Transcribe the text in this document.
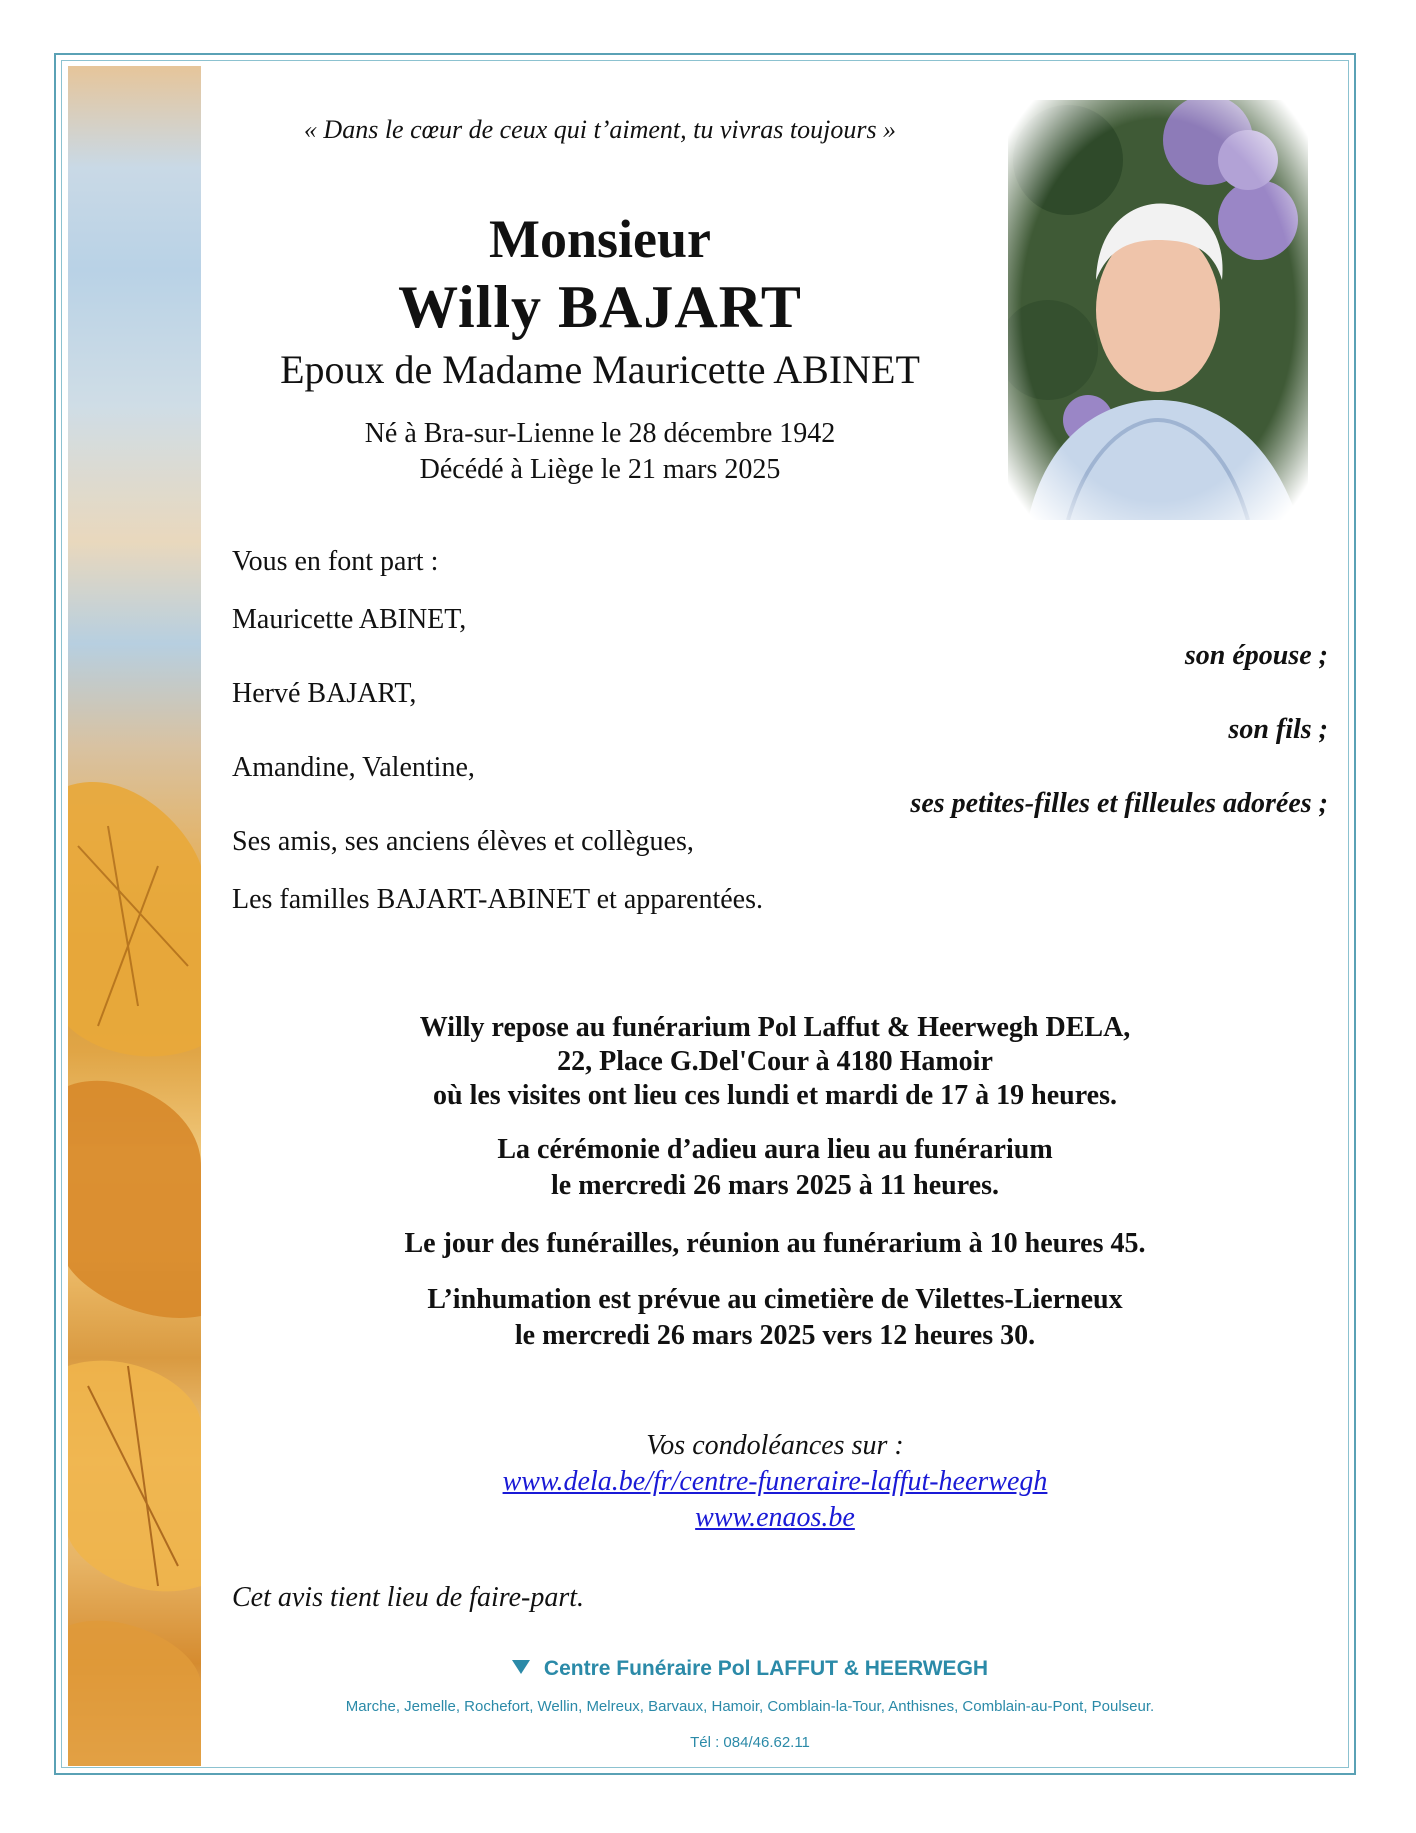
« Dans le cœur de ceux qui t’aiment, tu vivras toujours »
Monsieur
Willy BAJART
Epoux de Madame Mauricette ABINET
Né à Bra-sur-Lienne le 28 décembre 1942
Décédé à Liège le 21 mars 2025
Vous en font part :
Mauricette ABINET,
son épouse ;
Hervé BAJART,
son fils ;
Amandine, Valentine,
ses petites-filles et filleules adorées ;
Ses amis, ses anciens élèves et collègues,
Les familles BAJART-ABINET et apparentées.
Willy repose au funérarium Pol Laffut & Heerwegh DELA,
22, Place G.Del'Cour à 4180 Hamoir
où les visites ont lieu ces lundi et mardi de 17 à 19 heures.
La cérémonie d’adieu aura lieu au funérarium
le mercredi 26 mars 2025 à 11 heures.
Le jour des funérailles, réunion au funérarium à 10 heures 45.
L’inhumation est prévue au cimetière de Vilettes-Lierneux
le mercredi 26 mars 2025 vers 12 heures 30.
Vos condoléances sur :
www.dela.be/fr/centre-funeraire-laffut-heerwegh
www.enaos.be
Cet avis tient lieu de faire-part.
Centre Funéraire Pol LAFFUT & HEERWEGH
Marche, Jemelle, Rochefort, Wellin, Melreux, Barvaux, Hamoir, Comblain-la-Tour, Anthisnes, Comblain-au-Pont, Poulseur.
Tél : 084/46.62.11
